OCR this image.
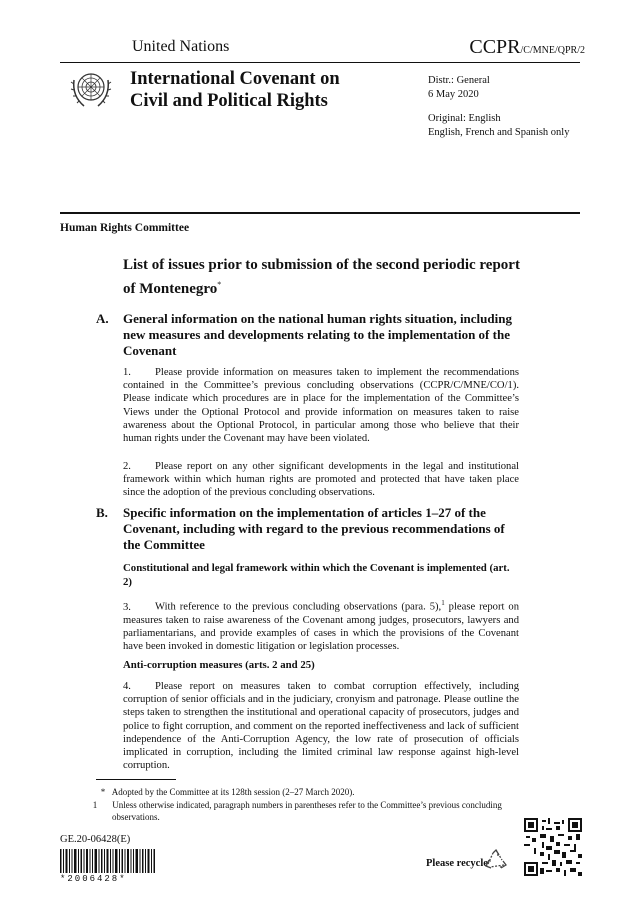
United Nations	CCPR/C/MNE/QPR/2
International Covenant on
Civil and Political Rights
Distr.: General
6 May 2020
Original: English
English, French and Spanish only
Human Rights Committee
List of issues prior to submission of the second periodic report of Montenegro*
A. General information on the national human rights situation, including new measures and developments relating to the implementation of the Covenant
1. Please provide information on measures taken to implement the recommendations contained in the Committee’s previous concluding observations (CCPR/C/MNE/CO/1). Please indicate which procedures are in place for the implementation of the Committee’s Views under the Optional Protocol and provide information on measures taken to raise awareness about the Optional Protocol, in particular among those who believe that their human rights under the Covenant may have been violated.
2. Please report on any other significant developments in the legal and institutional framework within which human rights are promoted and protected that have taken place since the adoption of the previous concluding observations.
B. Specific information on the implementation of articles 1–27 of the Covenant, including with regard to the previous recommendations of the Committee
Constitutional and legal framework within which the Covenant is implemented (art. 2)
3. With reference to the previous concluding observations (para. 5),$^1$ please report on measures taken to raise awareness of the Covenant among judges, prosecutors, lawyers and parliamentarians, and provide examples of cases in which the provisions of the Covenant have been invoked in domestic litigation or legislation processes.
Anti-corruption measures (arts. 2 and 25)
4. Please report on measures taken to combat corruption effectively, including corruption of senior officials and in the judiciary, cronyism and patronage. Please outline the steps taken to strengthen the institutional and operational capacity of prosecutors, judges and police to fight corruption, and comment on the reported ineffectiveness and lack of sufficient independence of the Anti-Corruption Agency, the low rate of prosecution of officials implicated in corruption, including the limited criminal law response against high-level corruption.
* Adopted by the Committee at its 128th session (2–27 March 2020).
1 Unless otherwise indicated, paragraph numbers in parentheses refer to the Committee’s previous concluding observations.
GE.20-06428(E)
*2006428*
Please recycle
